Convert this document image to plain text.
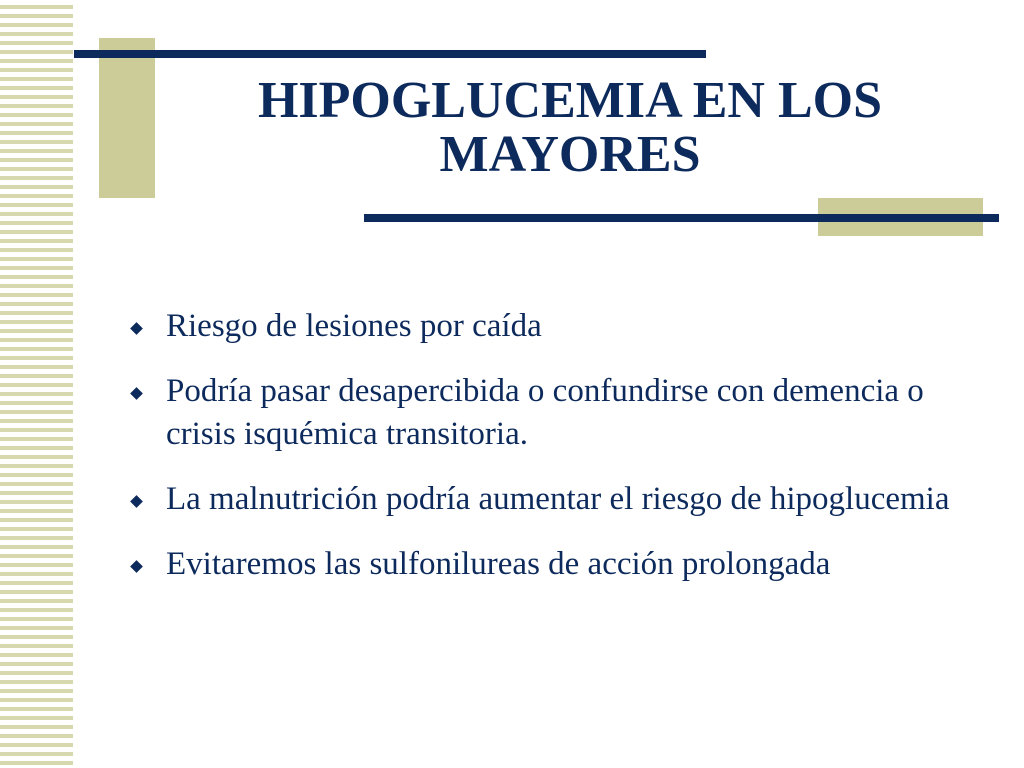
HIPOGLUCEMIA EN LOS MAYORES
Riesgo de lesiones por caída
Podría pasar desapercibida o confundirse con demencia o crisis isquémica transitoria.
La malnutrición podría aumentar el riesgo de hipoglucemia
Evitaremos las sulfonilureas de acción prolongada
